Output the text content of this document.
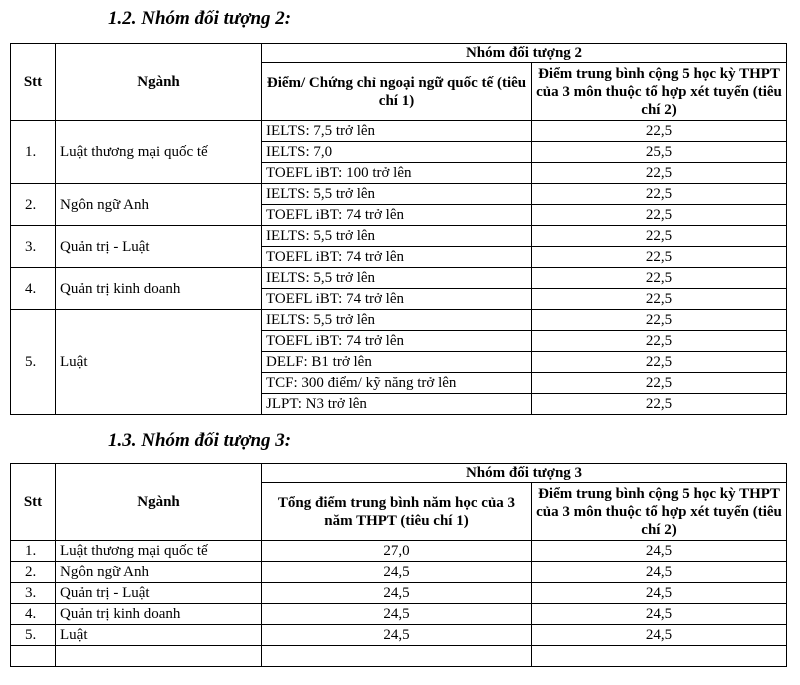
1.2. Nhóm đối tượng 2:
Stt	Ngành	Nhóm đối tượng 2	
		Điểm/ Chứng chỉ ngoại ngữ quốc tế (tiêu chí 1)	Điểm trung bình cộng 5 học kỳ THPT của 3 môn thuộc tổ hợp xét tuyển (tiêu chí 2)
1.	Luật thương mại quốc tế	IELTS: 7,5 trở lên	22,5
		IELTS: 7,0	25,5
		TOEFL iBT: 100 trở lên	22,5
2.	Ngôn ngữ Anh	IELTS: 5,5 trở lên	22,5
		TOEFL iBT: 74 trở lên	22,5
3.	Quản trị - Luật	IELTS: 5,5 trở lên	22,5
		TOEFL iBT: 74 trở lên	22,5
4.	Quản trị kinh doanh	IELTS: 5,5 trở lên	22,5
		TOEFL iBT: 74 trở lên	22,5
5.	Luật	IELTS: 5,5 trở lên	22,5
		TOEFL iBT: 74 trở lên	22,5
		DELF: B1 trở lên	22,5
		TCF: 300 điểm/ kỹ năng trở lên	22,5
		JLPT: N3 trở lên	22,5
1.3. Nhóm đối tượng 3:
Stt	Ngành	Nhóm đối tượng 3	
		Tổng điểm trung bình năm học của 3 năm THPT (tiêu chí 1)	Điểm trung bình cộng 5 học kỳ THPT của 3 môn thuộc tổ hợp xét tuyển (tiêu chí 2)
1.	Luật thương mại quốc tế	27,0	24,5
2.	Ngôn ngữ Anh	24,5	24,5
3.	Quản trị - Luật	24,5	24,5
4.	Quản trị kinh doanh	24,5	24,5
5.	Luật	24,5	24,5
